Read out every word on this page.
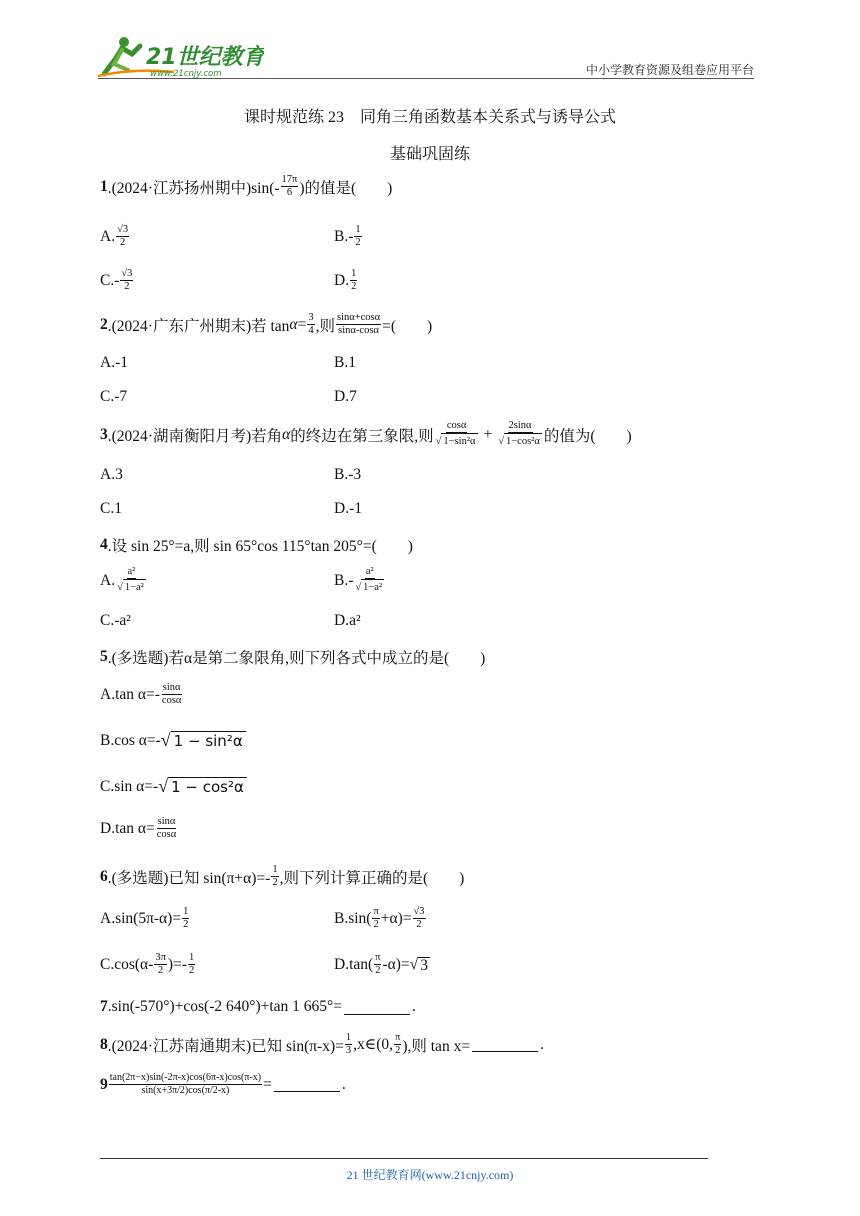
21世纪教育
www.21cnjy.com	中小学教育资源及组卷应用平台
课时规范练 23　同角三角函数基本关系式与诱导公式
基础巩固练
1 .(2024·江苏扬州期中)$\sin(- \frac{17\pi}{6}$ )的值是(　　)
A. $\frac{√3}{2}$	$B.- \frac{1}{2}$
$C.- \frac{√3}{2}$	D. $\frac{1}{2}$
2 .(2024·广东广州期末)若 $\tan \alpha = \frac{3}{4}$ ,则 $\frac{\sin\alpha+\cos\alpha}{\sin\alpha-\cos\alpha}$ =(　　)
A.-1	B.1
C.-7	D.7
3 .(2024·湖南衡阳月考)若角 α 的终边在第三象限,则 $\frac{\cos\alpha}{\text{√ 1−sin²α}} + \frac{2\sin\alpha}{\text{√ 1−cos²α}}$ 的值为(　　)
A.3	B.-3
C.1	D.-1
4 .设 sin 25°=a,则 sin 65°cos 115°tan 205°=(　　)
A. $\frac{\text{a²}}{\text{√ 1−a²}}$	$B.- \frac{\text{a²}}{\text{√ 1−a²}}$
C.-a²	D.a²
5 .(多选题)若α是第二象限角,则下列各式中成立的是(　　)
A.tan $\alpha=- \frac{\sin\alpha}{\cos\alpha}$
B.cos α=- √ 1 − sin²α
C.sin α=- √ 1 − cos²α
D.tan $\alpha= \frac{\sin\alpha}{\cos\alpha}$
6 .(多选题)已知 $\sin(\pi+\alpha)=- \frac{1}{2}$ ,则下列计算正确的是(　　)
$A.\sin(5\pi-\alpha)= \frac{1}{2}$	$B.\sin( \frac{\pi}{2} +\alpha)= \frac{√3}{2}$
$C.\cos(\alpha- \frac{3\pi}{2}$ )=- $\frac{1}{2}$	$D.\tan( \frac{\pi}{2} -\alpha)=$ √ 3
7 .sin(-570°)+cos(-2 640°)+tan 1 665°=	.
8 .(2024·江苏南通期末)已知 $\sin(\pi-x)= \frac{1}{3}$ ,x∈(0, $\frac{\pi}{2}$ ),则 tan x=	.
$9 \frac{\tan(2\pi-x)\sin(-2\pi-x)\cos(6\pi-x)\cos(\pi-x)}{\sin(x+3\pi/2)\cos(\pi/2-x)}$ =	.
21 世纪教育网(www.21cnjy.com)
